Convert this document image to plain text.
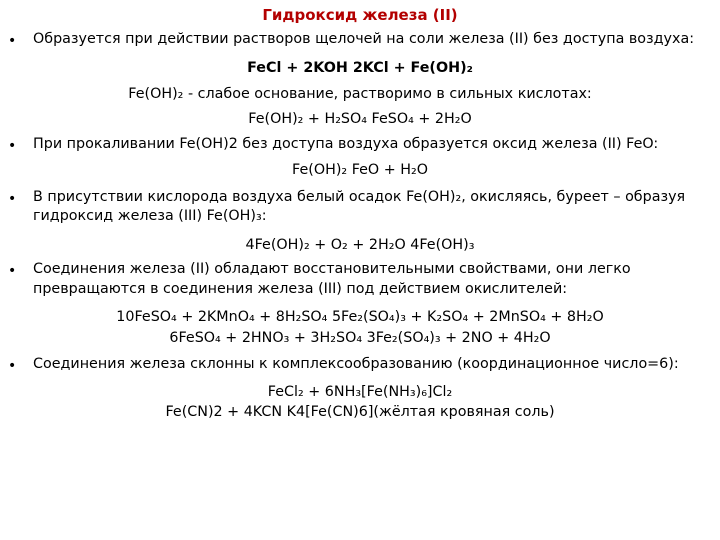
Гидроксид железа (II)
• Образуется при действии растворов щелочей на соли железа (II) без доступа воздуха:
FeCl + 2KOH 2KCl + Fe(OH)₂
Fe(OH)₂ - слабое основание, растворимо в сильных кислотах:
Fe(OH)₂ + H₂SO₄ FeSO₄ + 2H₂O
• При прокаливании Fe(OH)2 без доступа воздуха образуется оксид железа (II) FeO:
Fe(OH)₂ FeO + H₂O
• В присутствии кислорода воздуха белый осадок Fe(OH)₂, окисляясь, буреет – образуя
гидроксид железа (III) Fe(OH)₃:
4Fe(OH)₂ + O₂ + 2H₂O 4Fe(OH)₃
• Соединения железа (II) обладают восстановительными свойствами, они легко
превращаются в соединения железа (III) под действием окислителей:
10FeSO₄ + 2KMnO₄ + 8H₂SO₄ 5Fe₂(SO₄)₃ + K₂SO₄ + 2MnSO₄ + 8H₂O
6FeSO₄ + 2HNO₃ + 3H₂SO₄ 3Fe₂(SO₄)₃ + 2NO + 4H₂O
• Соединения железа склонны к комплексообразованию (координационное число=6):
FeCl₂ + 6NH₃[Fe(NH₃)₆]Cl₂
Fe(CN)2 + 4KCN K4[Fe(CN)6](жёлтая кровяная соль)
